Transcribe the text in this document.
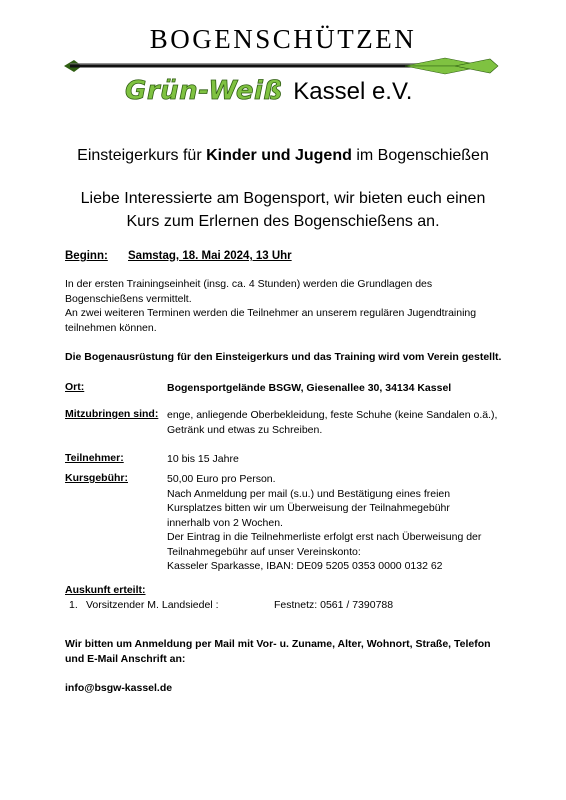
BOGENSCHÜTZEN
Grün-Weiß Kassel e.V.
Einsteigerkurs für Kinder und Jugend im Bogenschießen
Liebe Interessierte am Bogensport, wir bieten euch einen
Kurs zum Erlernen des Bogenschießens an.
Beginn: Samstag, 18. Mai 2024, 13 Uhr
In der ersten Trainingseinheit (insg. ca. 4 Stunden) werden die Grundlagen des
Bogenschießens vermittelt.
An zwei weiteren Terminen werden die Teilnehmer an unserem regulären Jugendtraining
teilnehmen können.
Die Bogenausrüstung für den Einsteigerkurs und das Training wird vom Verein gestellt.
Ort:	Bogensportgelände BSGW, Giesenallee 30, 34134 Kassel
Mitzubringen sind: enge, anliegende Oberbekleidung, feste Schuhe (keine Sandalen o.ä.),
Getränk und etwas zu Schreiben.
Teilnehmer:	10 bis 15 Jahre
Kursgebühr:	50,00 Euro pro Person.
Nach Anmeldung per mail (s.u.) und Bestätigung eines freien
Kursplatzes bitten wir um Überweisung der Teilnahmegebühr
innerhalb von 2 Wochen.
Der Eintrag in die Teilnehmerliste erfolgt erst nach Überweisung der
Teilnahmegebühr auf unser Vereinskonto:
Kasseler Sparkasse, IBAN: DE09 5205 0353 0000 0132 62
Auskunft erteilt:
1. Vorsitzender M. Landsiedel :	Festnetz: 0561 / 7390788
Wir bitten um Anmeldung per Mail mit Vor- u. Zuname, Alter, Wohnort, Straße, Telefon
und E-Mail Anschrift an:
info@bsgw-kassel.de
